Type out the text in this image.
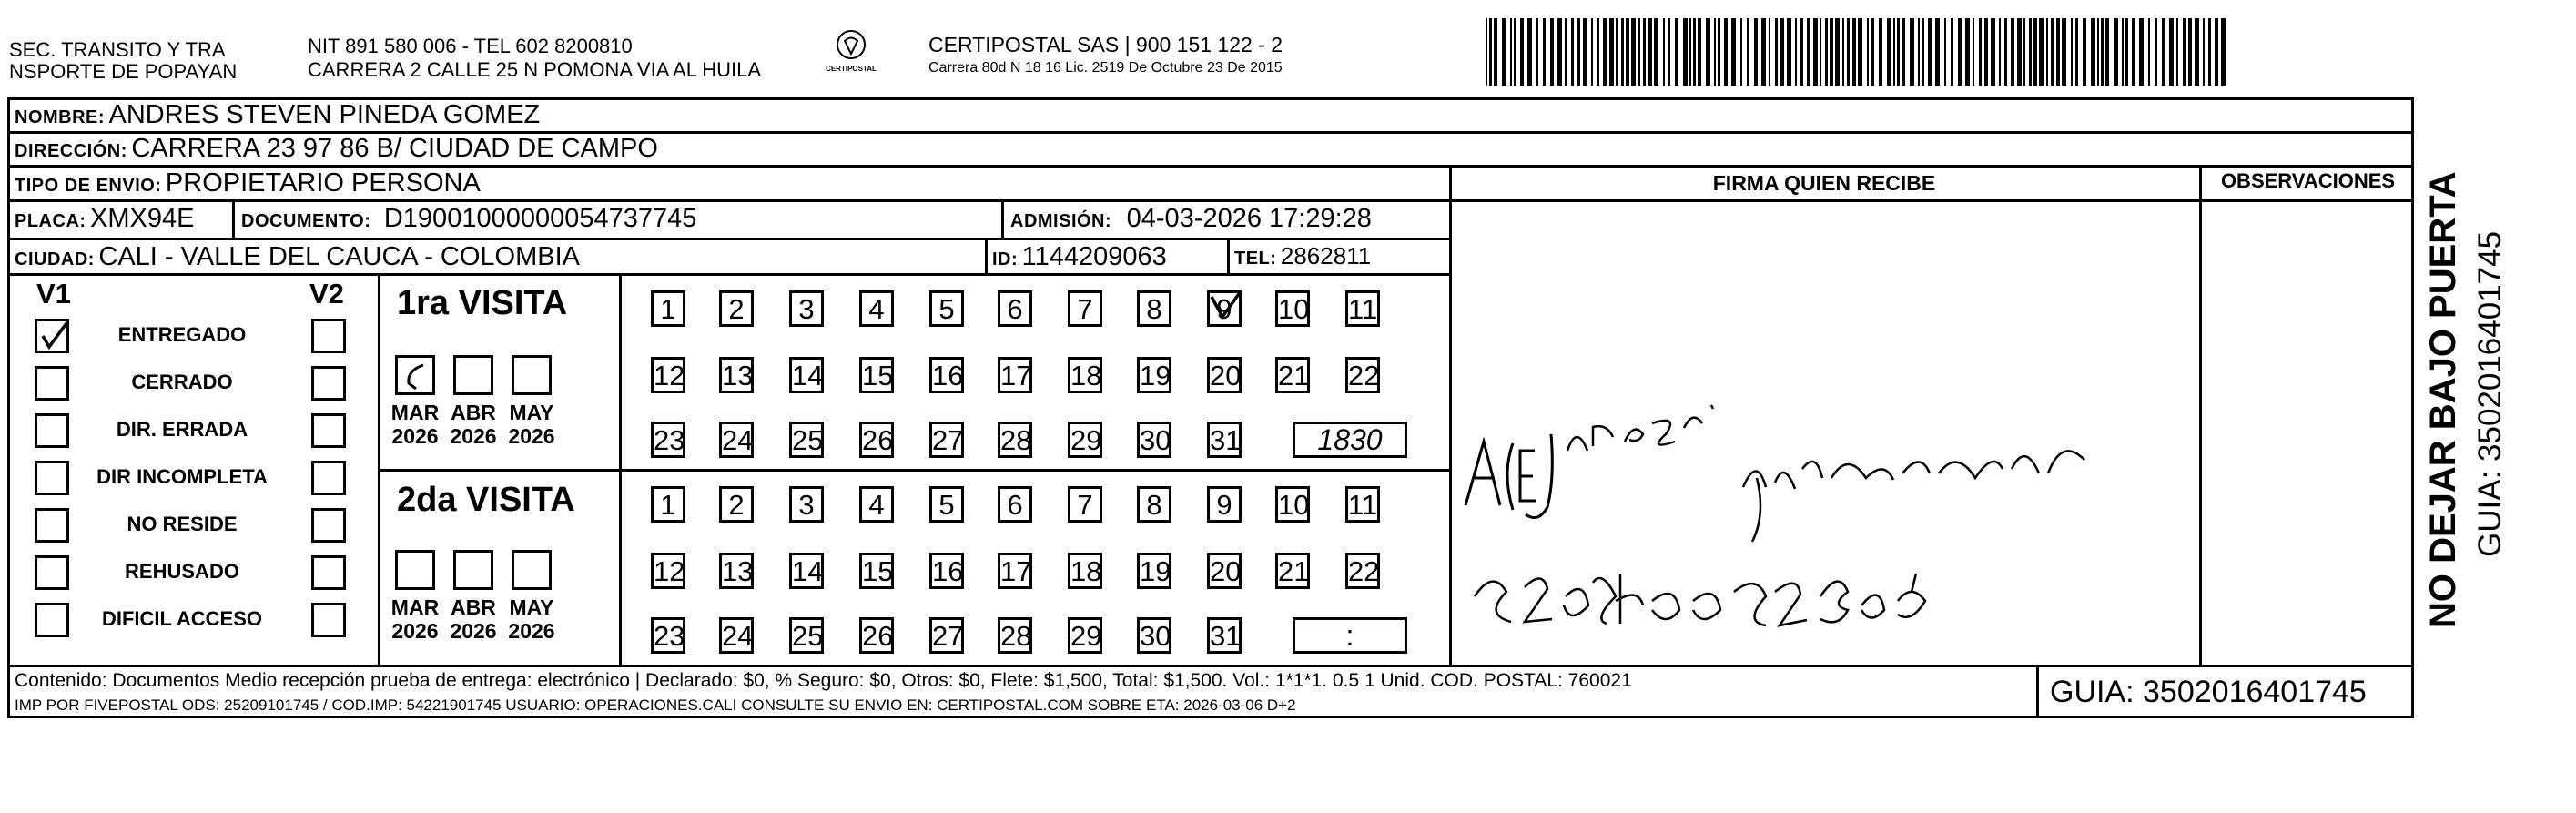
SEC. TRANSITO Y TRA
NSPORTE DE POPAYAN
NIT 891 580 006 - TEL 602 8200810
CARRERA 2 CALLE 25 N POMONA VIA AL HUILA	CERTIPOSTAL
CERTIPOSTAL SAS | 900 151 122 - 2
Carrera 80d N 18 16 Lic. 2519 De Octubre 23 De 2015
NOMBRE: ANDRES STEVEN PINEDA GOMEZ
DIRECCIÓN: CARRERA 23 97 86 B/ CIUDAD DE CAMPO
TIPO DE ENVIO: PROPIETARIO PERSONA
PLACA: XMX94E	DOCUMENTO: D19001000000054737745	ADMISIÓN: 04-03-2026 17:29:28
CIUDAD: CALI - VALLE DEL CAUCA - COLOMBIA	ID: 1144209063	TEL: 2862811
FIRMA QUIEN RECIBE	OBSERVACIONES
V1	V2
ENTREGADO
CERRADO
DIR. ERRADA
DIR INCOMPLETA
NO RESIDE
REHUSADO
DIFICIL ACCESO
1ra VISITA
2da VISITA
MAR
2026
ABR
2026
MAY
2026
MAR
2026
ABR
2026
MAY
2026
1	2	3	4	5	6	7	8	9	10 11
12 13 14 15 16 17 18 19 20 21 22
23 24 25 26 27 28 29 30 31	1830
1	2	3	4	5	6	7	8	9	10 11
12 13 14 15 16 17 18 19 20 21 22
23 24 25 26 27 28 29 30 31	:
Contenido: Documentos Medio recepción prueba de entrega: electrónico | Declarado: $0, % Seguro: $0, Otros: $0, Flete: $1,500, Total: $1,500. Vol.: 1*1*1. 0.5 1 Unid. COD. POSTAL: 760021
IMP POR FIVEPOSTAL ODS: 25209101745 / COD.IMP: 54221901745 USUARIO: OPERACIONES.CALI CONSULTE SU ENVIO EN: CERTIPOSTAL.COM SOBRE ETA: 2026-03-06 D+2	GUIA: 3502016401745
NO DEJAR BAJO PUERTA GUIA: 3502016401745
